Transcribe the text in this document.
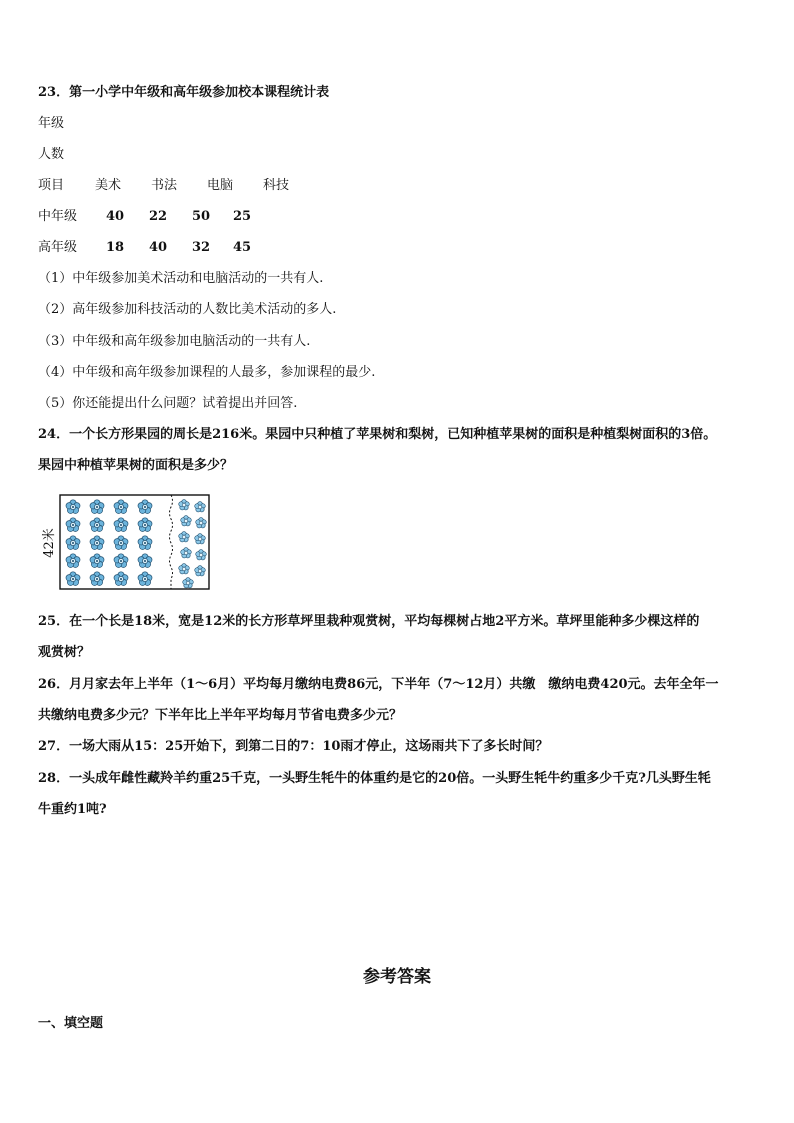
23．第一小学中年级和高年级参加校本课程统计表
年级
人数
项目 美术 书法 电脑 科技
中年级 40 22 50 25
高年级 18 40 32 45
（1）中年级参加美术活动和电脑活动的一共有人.
（2）高年级参加科技活动的人数比美术活动的多人.
（3）中年级和高年级参加电脑活动的一共有人.
（4）中年级和高年级参加课程的人最多，参加课程的最少.
（5）你还能提出什么问题？试着提出并回答.
24．一个长方形果园的周长是216米。果园中只种植了苹果树和梨树，已知种植苹果树的面积是种植梨树面积的3倍。
果园中种植苹果树的面积是多少？
42米
25．在一个长是18米，宽是12米的长方形草坪里栽种观赏树，平均每棵树占地2平方米。草坪里能种多少棵这样的
观赏树？
26．月月家去年上半年（1～6月）平均每月缴纳电费86元，下半年（7～12月）共缴　缴纳电费420元。去年全年一
共缴纳电费多少元？下半年比上半年平均每月节省电费多少元？
27．一场大雨从15：25开始下，到第二日的7：10雨才停止，这场雨共下了多长时间？
28．一头成年雌性藏羚羊约重25千克，一头野生牦牛的体重约是它的20倍。一头野生牦牛约重多少千克?几头野生牦
牛重约1吨?
参考答案
一、填空题
